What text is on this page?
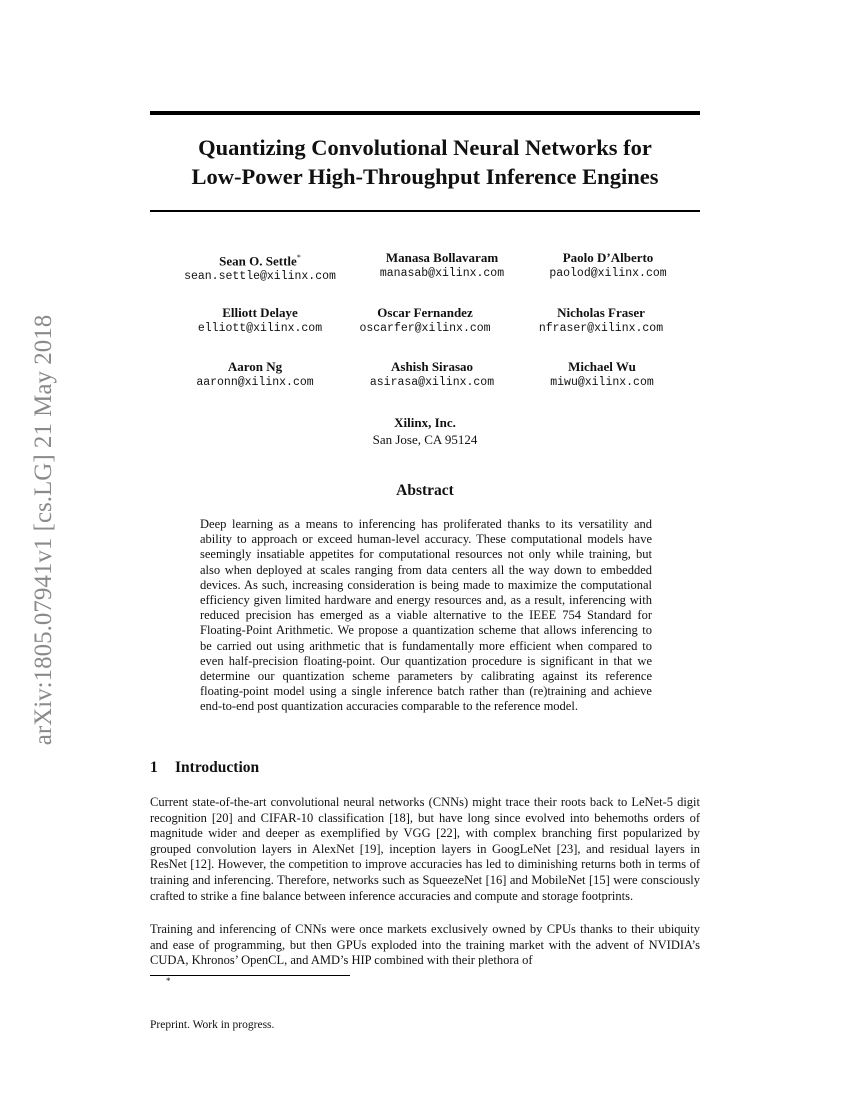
arXiv:1805.07941v1 [cs.LG] 21 May 2018
Quantizing Convolutional Neural Networks for
Low-Power High-Throughput Inference Engines
Sean O. Settle*
sean.settle@xilinx.com
Manasa Bollavaram
manasab@xilinx.com
Paolo D’Alberto
paolod@xilinx.com
Elliott Delaye
elliott@xilinx.com
Oscar Fernandez
oscarfer@xilinx.com
Nicholas Fraser
nfraser@xilinx.com
Aaron Ng
aaronn@xilinx.com
Ashish Sirasao
asirasa@xilinx.com
Michael Wu
miwu@xilinx.com
Xilinx, Inc.
San Jose, CA 95124
Abstract

Deep learning as a means to inferencing has proliferated thanks to its versatility and ability to approach or exceed human-level accuracy. These computational models have seemingly insatiable appetites for computational resources not only while training, but also when deployed at scales ranging from data centers all the way down to embedded devices. As such, increasing consideration is being made to maximize the computational efficiency given limited hardware and energy resources and, as a result, inferencing with reduced precision has emerged as a viable alternative to the IEEE 754 Standard for Floating-Point Arithmetic. We propose a quantization scheme that allows inferencing to be carried out using arithmetic that is fundamentally more efficient when compared to even half-precision floating-point. Our quantization procedure is significant in that we determine our quantization scheme parameters by calibrating against its reference floating-point model using a single inference batch rather than (re)training and achieve end-to-end post quantization accuracies comparable to the reference model.

1 Introduction

Current state-of-the-art convolutional neural networks (CNNs) might trace their roots back to LeNet-5 digit recognition [20] and CIFAR-10 classification [18], but have long since evolved into behemoths orders of magnitude wider and deeper as exemplified by VGG [22], with complex branching first popularized by grouped convolution layers in AlexNet [19], inception layers in GoogLeNet [23], and residual layers in ResNet [12]. However, the competition to improve accuracies has led to diminishing returns both in terms of training and inferencing. Therefore, networks such as SqueezeNet [16] and MobileNet [15] were consciously crafted to strike a fine balance between inference accuracies and compute and storage footprints.

Training and inferencing of CNNs were once markets exclusively owned by CPUs thanks to their ubiquity and ease of programming, but then GPUs exploded into the training market with the advent of NVIDIA’s CUDA, Khronos’ OpenCL, and AMD’s HIP combined with their plethora of

*
Preprint. Work in progress.
